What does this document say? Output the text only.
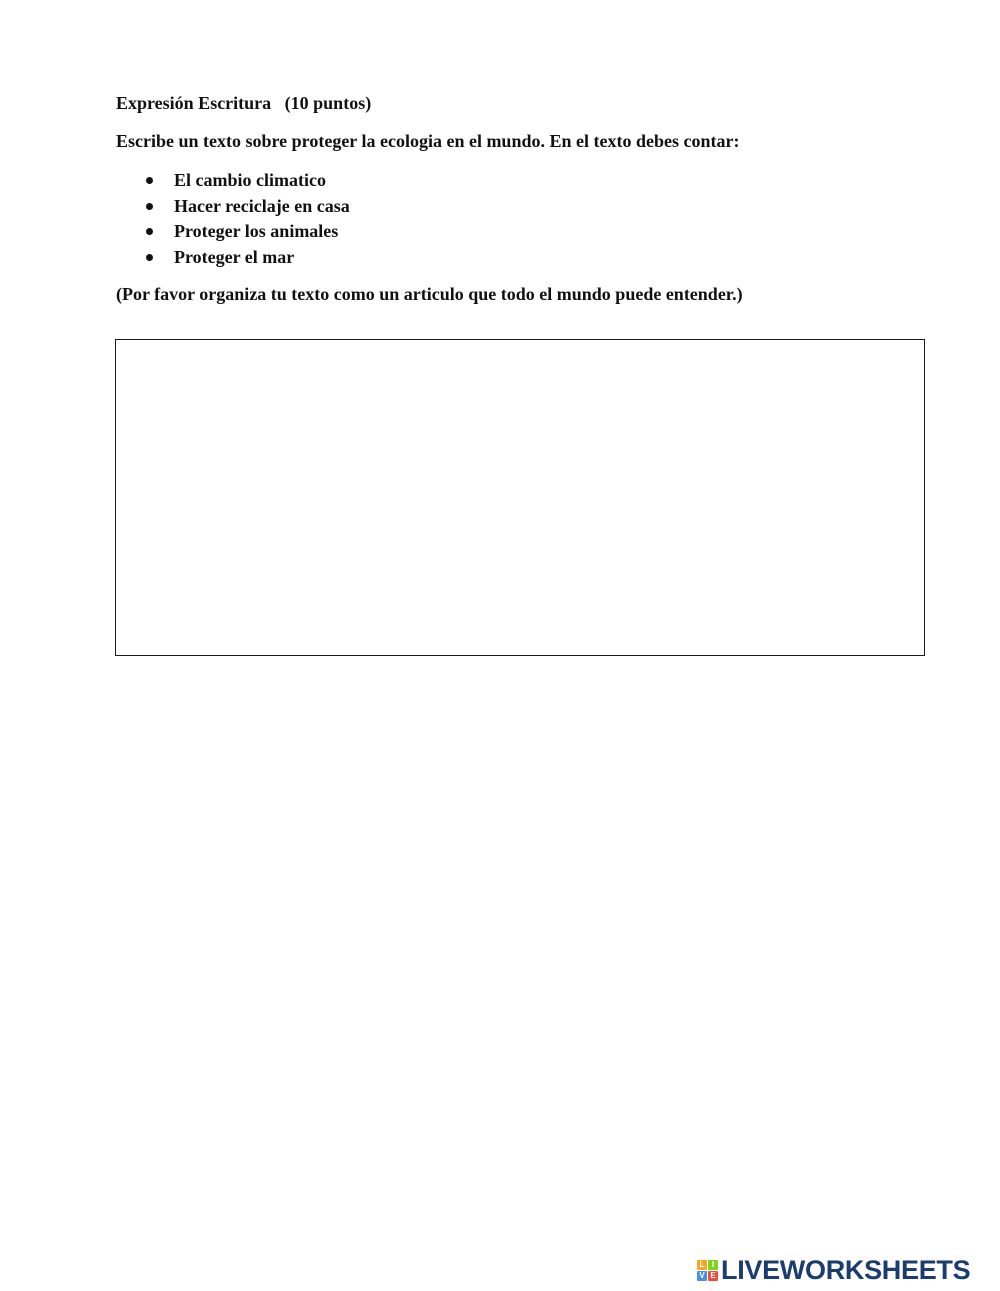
Expresión Escritura   (10 puntos)
Escribe un texto sobre proteger la ecologia en el mundo. En el texto debes contar:
El cambio climatico
Hacer reciclaje en casa
Proteger los animales
Proteger el mar
(Por favor organiza tu texto como un articulo que todo el mundo puede entender.)
L I
V E LIVEWORKSHEETS
